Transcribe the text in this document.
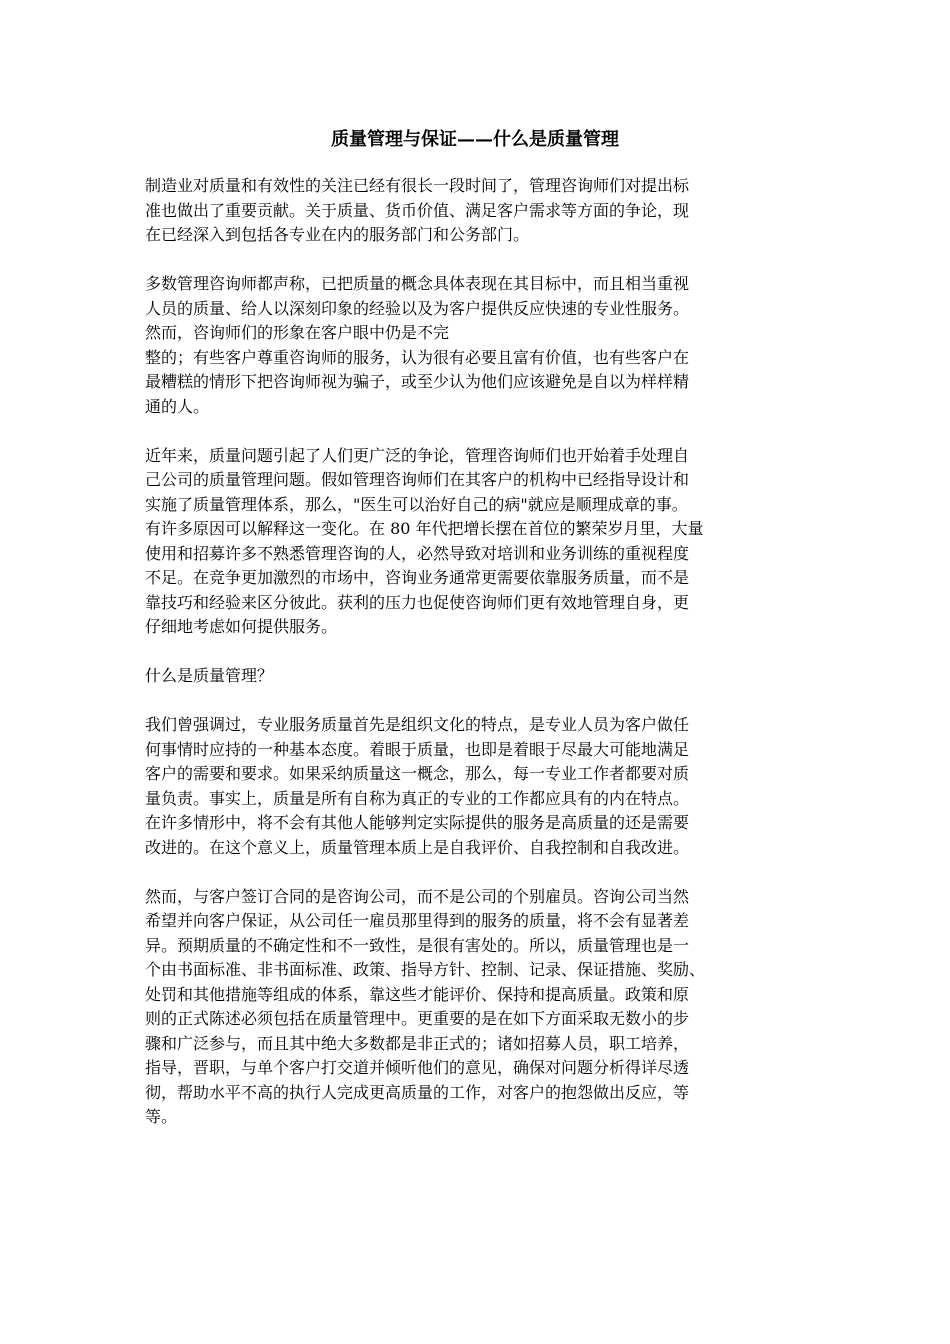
质量管理与保证——什么是质量管理

制造业对质量和有效性的关注已经有很长一段时间了，管理咨询师们对提出标
准也做出了重要贡献。关于质量、货币价值、满足客户需求等方面的争论，现
在已经深入到包括各专业在内的服务部门和公务部门。

多数管理咨询师都声称，已把质量的概念具体表现在其目标中，而且相当重视
人员的质量、给人以深刻印象的经验以及为客户提供反应快速的专业性服务。
然而，咨询师们的形象在客户眼中仍是不完
整的；有些客户尊重咨询师的服务，认为很有必要且富有价值，也有些客户在
最糟糕的情形下把咨询师视为骗子，或至少认为他们应该避免是自以为样样精
通的人。

近年来，质量问题引起了人们更广泛的争论，管理咨询师们也开始着手处理自
己公司的质量管理问题。假如管理咨询师们在其客户的机构中已经指导设计和
实施了质量管理体系，那么，"医生可以治好自己的病"就应是顺理成章的事。
有许多原因可以解释这一变化。在 80 年代把增长摆在首位的繁荣岁月里，大量
使用和招募许多不熟悉管理咨询的人，必然导致对培训和业务训练的重视程度
不足。在竞争更加激烈的市场中，咨询业务通常更需要依靠服务质量，而不是
靠技巧和经验来区分彼此。获利的压力也促使咨询师们更有效地管理自身，更
仔细地考虑如何提供服务。

什么是质量管理？

我们曾强调过，专业服务质量首先是组织文化的特点，是专业人员为客户做任
何事情时应持的一种基本态度。着眼于质量，也即是着眼于尽最大可能地满足
客户的需要和要求。如果采纳质量这一概念，那么，每一专业工作者都要对质
量负责。事实上，质量是所有自称为真正的专业的工作都应具有的内在特点。
在许多情形中，将不会有其他人能够判定实际提供的服务是高质量的还是需要
改进的。在这个意义上，质量管理本质上是自我评价、自我控制和自我改进。

然而，与客户签订合同的是咨询公司，而不是公司的个别雇员。咨询公司当然
希望并向客户保证，从公司任一雇员那里得到的服务的质量，将不会有显著差
异。预期质量的不确定性和不一致性，是很有害处的。所以，质量管理也是一
个由书面标准、非书面标准、政策、指导方针、控制、记录、保证措施、奖励、
处罚和其他措施等组成的体系，靠这些才能评价、保持和提高质量。政策和原
则的正式陈述必须包括在质量管理中。更重要的是在如下方面采取无数小的步
骤和广泛参与，而且其中绝大多数都是非正式的；诸如招募人员，职工培养，
指导，晋职，与单个客户打交道并倾听他们的意见，确保对问题分析得详尽透
彻，帮助水平不高的执行人完成更高质量的工作，对客户的抱怨做出反应，等
等。
